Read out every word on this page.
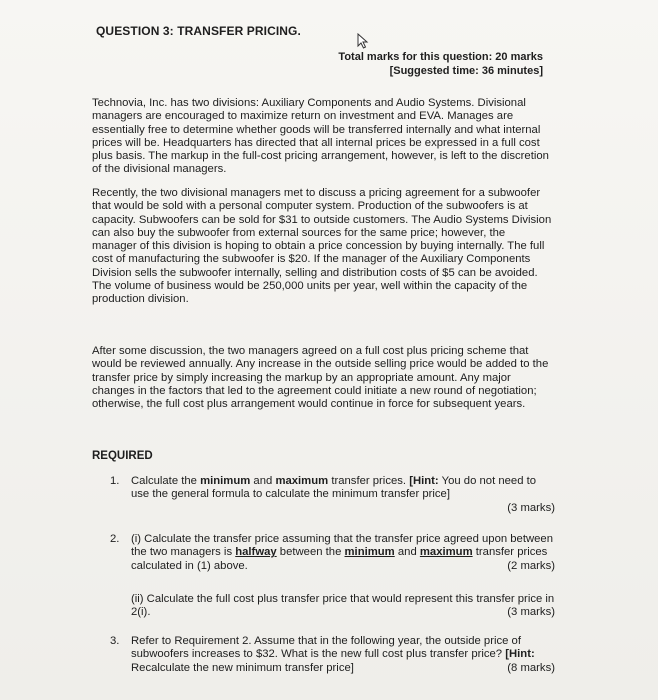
QUESTION 3: TRANSFER PRICING.
Total marks for this question: 20 marks
[Suggested time: 36 minutes]
Technovia, Inc. has two divisions: Auxiliary Components and Audio Systems. Divisional managers are encouraged to maximize return on investment and EVA. Manages are essentially free to determine whether goods will be transferred internally and what internal prices will be. Headquarters has directed that all internal prices be expressed in a full cost plus basis. The markup in the full-cost pricing arrangement, however, is left to the discretion of the divisional managers.
Recently, the two divisional managers met to discuss a pricing agreement for a subwoofer that would be sold with a personal computer system. Production of the subwoofers is at capacity. Subwoofers can be sold for $31 to outside customers. The Audio Systems Division can also buy the subwoofer from external sources for the same price; however, the manager of this division is hoping to obtain a price concession by buying internally. The full cost of manufacturing the subwoofer is $20. If the manager of the Auxiliary Components Division sells the subwoofer internally, selling and distribution costs of $5 can be avoided. The volume of business would be 250,000 units per year, well within the capacity of the production division.
After some discussion, the two managers agreed on a full cost plus pricing scheme that would be reviewed annually. Any increase in the outside selling price would be added to the transfer price by simply increasing the markup by an appropriate amount. Any major changes in the factors that led to the agreement could initiate a new round of negotiation; otherwise, the full cost plus arrangement would continue in force for subsequent years.
REQUIRED
1. Calculate the minimum and maximum transfer prices. [Hint: You do not need to use the general formula to calculate the minimum transfer price]
(3 marks)
2. (i) Calculate the transfer price assuming that the transfer price agreed upon between the two managers is halfway between the minimum and maximum transfer prices calculated in (1) above.	(2 marks)
(ii) Calculate the full cost plus transfer price that would represent this transfer price in 2(i).	(3 marks)
3. Refer to Requirement 2. Assume that in the following year, the outside price of subwoofers increases to $32. What is the new full cost plus transfer price? [Hint: Recalculate the new minimum transfer price]	(8 marks)
